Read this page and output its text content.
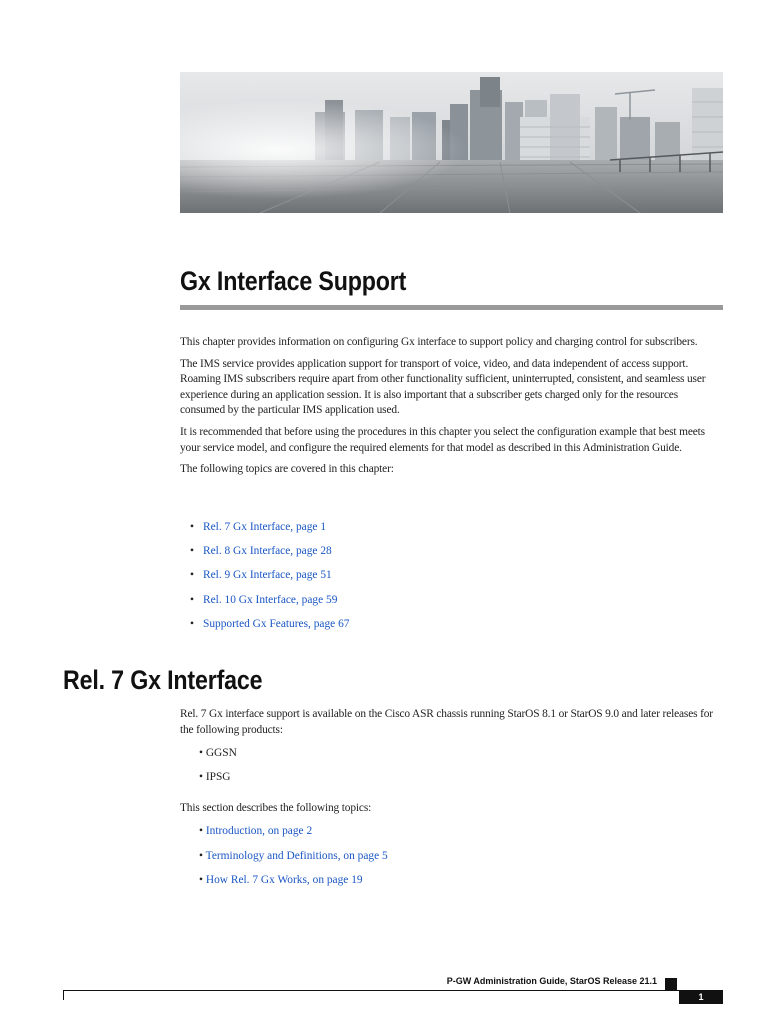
Gx Interface Support

This chapter provides information on configuring Gx interface to support policy and charging control for subscribers.

The IMS service provides application support for transport of voice, video, and data independent of access support. Roaming IMS subscribers require apart from other functionality sufficient, uninterrupted, consistent, and seamless user experience during an application session. It is also important that a subscriber gets charged only for the resources consumed by the particular IMS application used.

It is recommended that before using the procedures in this chapter you select the configuration example that best meets your service model, and configure the required elements for that model as described in this Administration Guide.

The following topics are covered in this chapter:

• Rel. 7 Gx Interface, page 1
• Rel. 8 Gx Interface, page 28
• Rel. 9 Gx Interface, page 51
• Rel. 10 Gx Interface, page 59
• Supported Gx Features, page 67
Rel. 7 Gx Interface

Rel. 7 Gx interface support is available on the Cisco ASR chassis running StarOS 8.1 or StarOS 9.0 and later releases for the following products:

• GGSN
• IPSG

This section describes the following topics:

• Introduction, on page 2
• Terminology and Definitions, on page 5
• How Rel. 7 Gx Works, on page 19

P-GW Administration Guide, StarOS Release 21.1

1
